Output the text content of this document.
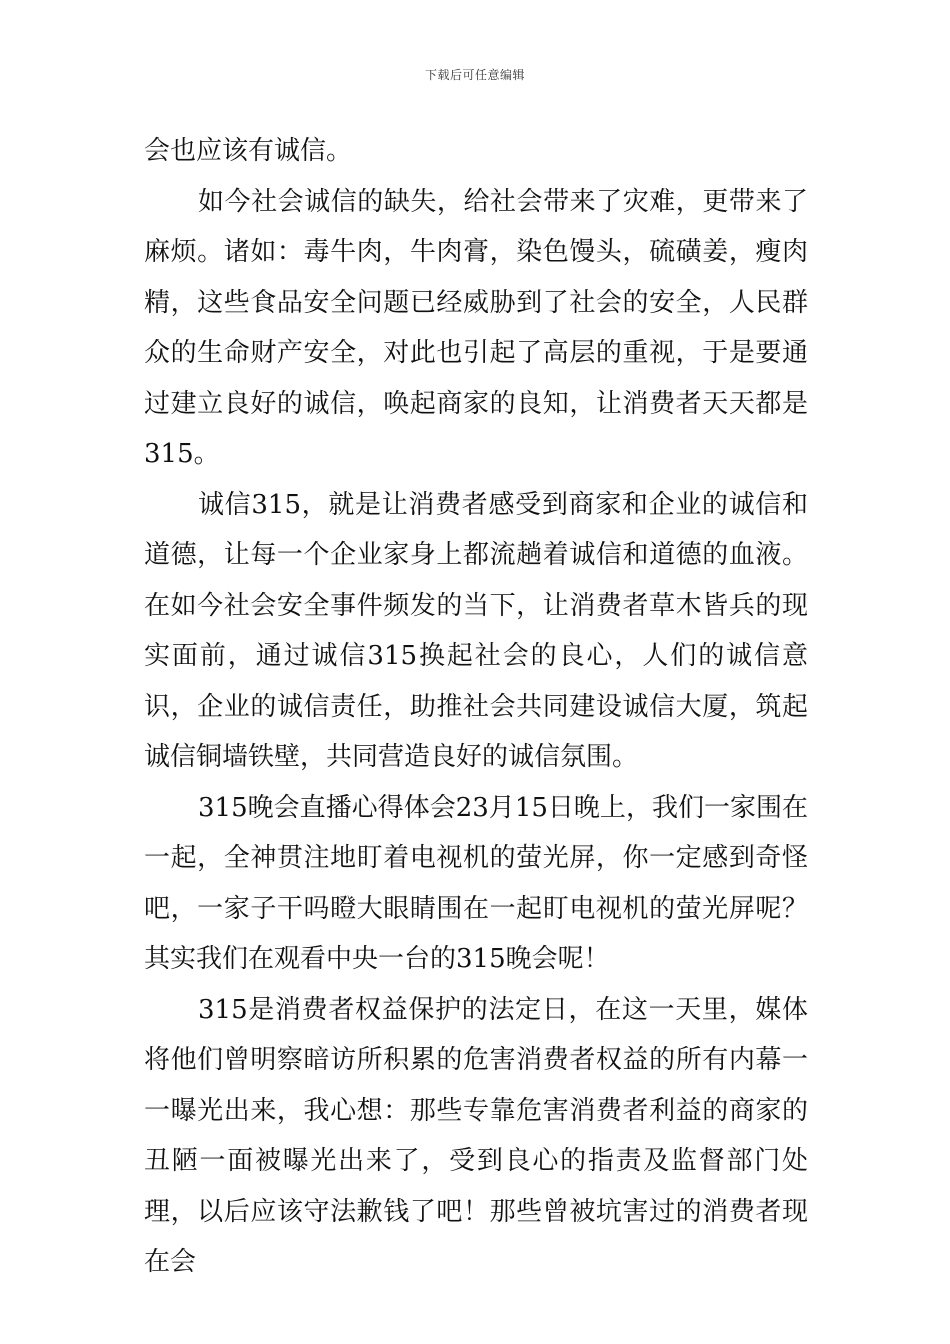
下载后可任意编辑

会也应该有诚信。

如今社会诚信的缺失，给社会带来了灾难，更带来了麻烦。诸如：毒牛肉，牛肉膏，染色馒头，硫磺姜，瘦肉精，这些食品安全问题已经威胁到了社会的安全，人民群众的生命财产安全，对此也引起了高层的重视，于是要通过建立良好的诚信，唤起商家的良知，让消费者天天都是315。

诚信315，就是让消费者感受到商家和企业的诚信和道德，让每一个企业家身上都流趟着诚信和道德的血液。在如今社会安全事件频发的当下，让消费者草木皆兵的现实面前，通过诚信315换起社会的良心，人们的诚信意识，企业的诚信责任，助推社会共同建设诚信大厦，筑起诚信铜墙铁壁，共同营造良好的诚信氛围。

315晚会直播心得体会23月15日晚上，我们一家围在一起，全神贯注地盯着电视机的萤光屏，你一定感到奇怪吧，一家子干吗瞪大眼睛围在一起盯电视机的萤光屏呢？其实我们在观看中央一台的315晚会呢！

315是消费者权益保护的法定日，在这一天里，媒体将他们曾明察暗访所积累的危害消费者权益的所有内幕一一曝光出来，我心想：那些专靠危害消费者利益的商家的丑陋一面被曝光出来了，受到良心的指责及监督部门处理，以后应该守法歉钱了吧！那些曾被坑害过的消费者现在会
